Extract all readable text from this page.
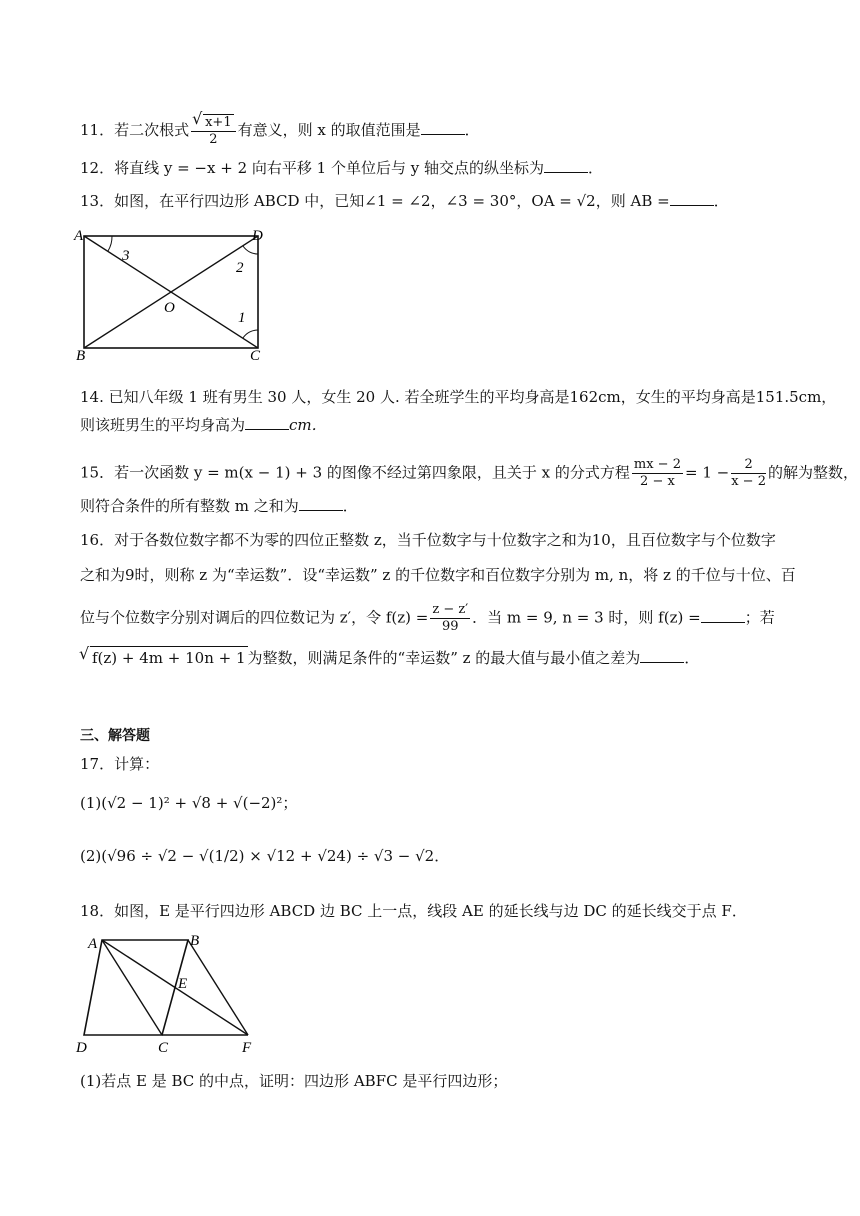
11．若二次根式
√ $\frac{x+1}{2}$ 有意义，则 x 的取值范围是	．
12．将直线 y = −x + 2 向右平移 1 个单位后与 y 轴交点的纵坐标为	．
13．如图，在平行四边形 ABCD 中，已知∠1 = ∠2，∠3 = 30°，OA = √2，则 AB =	．
A	D
B	C
O
3
2
1
14. 已知八年级 1 班有男生 30 人，女生 20 人. 若全班学生的平均身高是162cm，女生的平均身高是151.5cm，
则该班男生的平均身高为	cm．
15．若一次函数 y = m(x − 1) + 3 的图像不经过第四象限，且关于 x 的分式方程 $\frac{mx - 2}{2 - x} = 1 - \frac{2}{x - 2}$ 的解为整数，
则符合条件的所有整数 m 之和为	．
16．对于各数位数字都不为零的四位正整数 z，当千位数字与十位数字之和为10，且百位数字与个位数字
之和为9时，则称 z 为“幸运数”．设“幸运数” z 的千位数字和百位数字分别为 m, n，将 z 的千位与十位、百
位与个位数字分别对调后的四位数记为 z′，令 $f(z) = \frac{z - z'}{99}$ ．当 m = 9, n = 3 时，则 f(z) =	；若
√ f(z) + 4m + 10n + 1 为整数，则满足条件的“幸运数” z 的最大值与最小值之差为	．
三、解答题
17．计算：
(1)(√2 − 1)² + √8 + √(−2)²；
(2)(√96 ÷ √2 − √(1/2) × √12 + √24) ÷ √3 − √2．
18．如图，E 是平行四边形 ABCD 边 BC 上一点，线段 AE 的延长线与边 DC 的延长线交于点 F．
A	B
E
D	C	F
(1)若点 E 是 BC 的中点，证明：四边形 ABFC 是平行四边形；
